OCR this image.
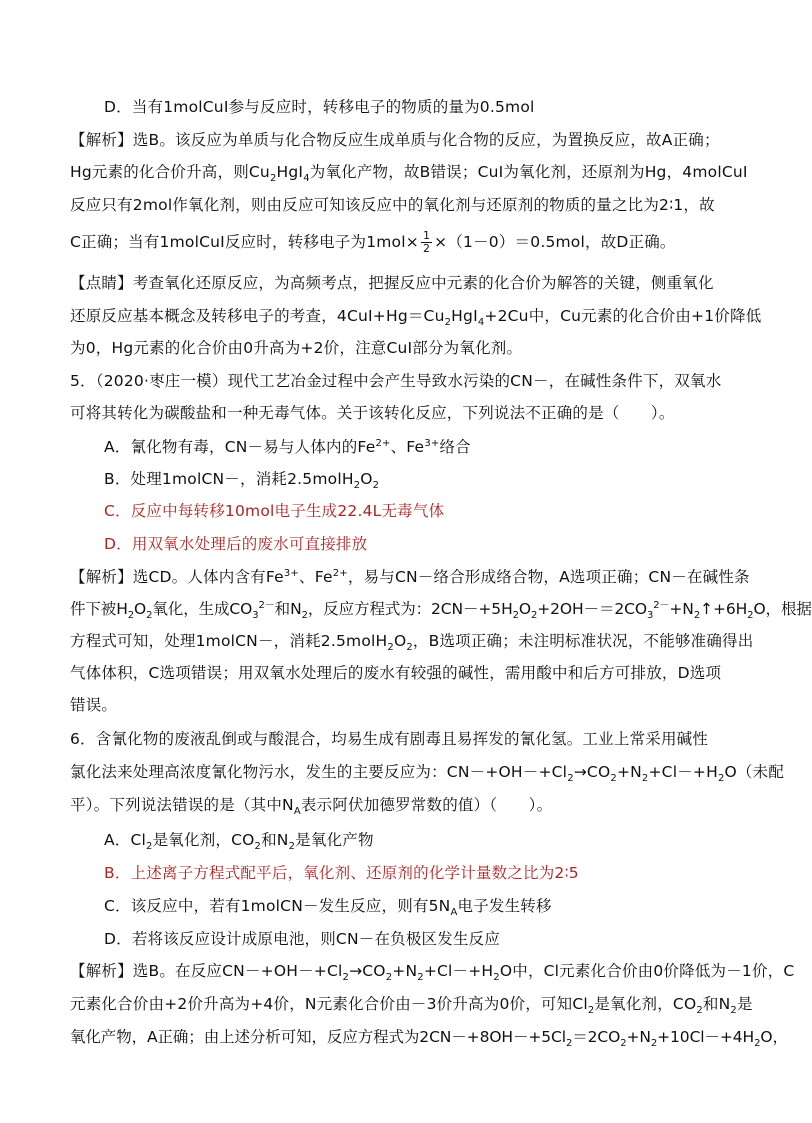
D．当有1molCuI参与反应时，转移电子的物质的量为0.5mol
【解析】选B。该反应为单质与化合物反应生成单质与化合物的反应，为置换反应，故A正确；
Hg元素的化合价升高，则$Cu_2HgI_4$为氧化产物，故B错误；CuI为氧化剂，还原剂为Hg，4molCuI
反应只有2mol作氧化剂，则由反应可知该反应中的氧化剂与还原剂的物质的量之比为2∶1，故
C正确；当有1molCuI反应时，转移电子为$1mol\times \frac{1}{2} \times(1-0)=0.5mol$，故D正确。
【点睛】考查氧化还原反应，为高频考点，把握反应中元素的化合价为解答的关键，侧重氧化
还原反应基本概念及转移电子的考查，$4CuI+Hg=Cu_2HgI_4+2Cu$中，Cu元素的化合价由+1价降低
为0，Hg元素的化合价由0升高为+2价，注意CuI部分为氧化剂。
5．（2020·枣庄一模）现代工艺冶金过程中会产生导致水污染的CN－，在碱性条件下，双氧水
可将其转化为碳酸盐和一种无毒气体。关于该转化反应，下列说法不正确的是（　　）。
A．氰化物有毒，CN－易与人体内的$Fe^{2+}$、$Fe^{3+}$络合
B．处理1molCN－，消耗$2.5molH_2O_2$
C．反应中每转移10mol电子生成22.4L无毒气体
D．用双氧水处理后的废水可直接排放
【解析】选CD。人体内含有$Fe^{3+}$、$Fe^{2+}$，易与CN－络合形成络合物，A选项正确；CN－在碱性条
件下被$H_2O_2$氧化，生成$CO_3^{2-}$和$N_2$，反应方程式为：$2CN-+5H_2O_2+2OH-=2CO_3^{2-}+N_2↑+6H_2O$，根据
方程式可知，处理1molCN－，消耗$2.5molH_2O_2$，B选项正确；未注明标准状况，不能够准确得出
气体体积，C选项错误；用双氧水处理后的废水有较强的碱性，需用酸中和后方可排放，D选项
错误。
6．含氰化物的废液乱倒或与酸混合，均易生成有剧毒且易挥发的氰化氢。工业上常采用碱性
氯化法来处理高浓度氰化物污水，发生的主要反应为：$CN-+OH-+Cl_2\to CO_2+N_2+Cl-+H_2O$（未配
平）。下列说法错误的是（其中$N_A$表示阿伏加德罗常数的值）（　　）。
A．$Cl_2$是氧化剂，$CO_2$和$N_2$是氧化产物
B．上述离子方程式配平后，氧化剂、还原剂的化学计量数之比为2∶5
C．该反应中，若有1molCN－发生反应，则有$5N_A$电子发生转移
D．若将该反应设计成原电池，则CN－在负极区发生反应
【解析】选B。在反应$CN-+OH-+Cl_2\to CO_2+N_2+Cl-+H_2O$中，Cl元素化合价由0价降低为－1价，C
元素化合价由+2价升高为+4价，N元素化合价由－3价升高为0价，可知$Cl_2$是氧化剂，$CO_2$和$N_2$是
氧化产物，A正确；由上述分析可知，反应方程式为$2CN-+8OH-+5Cl_2=2CO_2+N_2+10Cl-+4H_2O$，
